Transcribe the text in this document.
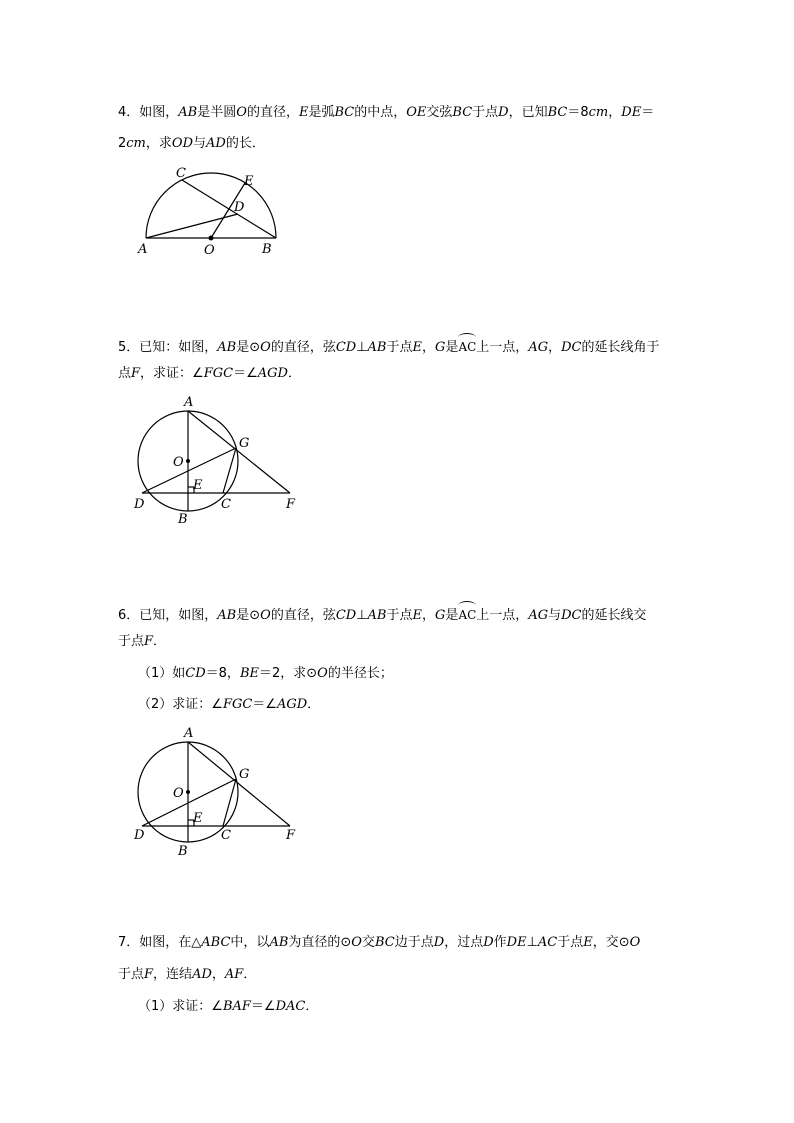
4．如图，AB是半圆O的直径，E是弧BC的中点，OE交弦BC于点D，已知BC＝8cm，DE＝
2cm，求OD与AD的长．
C
E
D
A	O	B
5．已知：如图，AB是⊙O的直径，弦CD⊥AB于点E，G是AC上一点，AG，DC的延长线角于
点F，求证：∠FGC＝∠AGD．
A
G
O
E
D	C	F
B
6．已知，如图，AB是⊙O的直径，弦CD⊥AB于点E，G是AC上一点，AG与DC的延长线交
于点F．
（1）如CD＝8，BE＝2，求⊙O的半径长；
（2）求证：∠FGC＝∠AGD．
A
G
O
E
D	C	F
B
7．如图，在△ABC中，以AB为直径的⊙O交BC边于点D，过点D作DE⊥AC于点E，交⊙O
于点F，连结AD，AF．
（1）求证：∠BAF＝∠DAC．
